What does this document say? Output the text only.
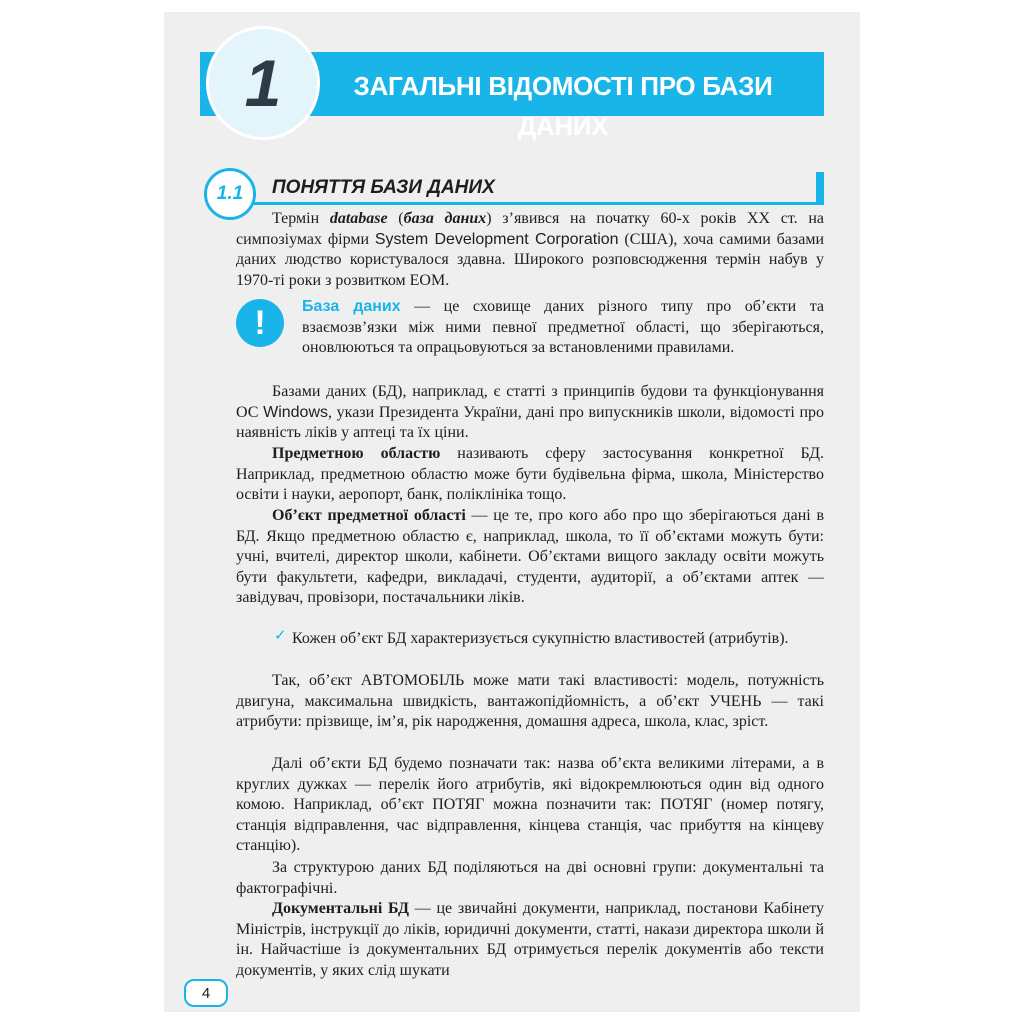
1	ЗАГАЛЬНІ ВІДОМОСТІ ПРО БАЗИ ДАНИХ
1.1	ПОНЯТТЯ БАЗИ ДАНИХ

Термін database (база даних) з’явився на початку 60-х років XX ст. на симпозіумах фірми System Development Corporation (США), хоча самими базами даних людство користувалося здавна. Широкого розповсюдження термін набув у 1970-ті роки з розвитком ЕОМ.

!	База даних — це сховище даних різного типу про об’єкти та взаємозв’язки між ними певної предметної області, що зберігаються, оновлюються та опрацьовуються за встановленими правилами.

Базами даних (БД), наприклад, є статті з принципів будови та функціонування ОС Windows, укази Президента України, дані про випускників школи, відомості про наявність ліків у аптеці та їх ціни.

Предметною областю називають сферу застосування конкретної БД. Наприклад, предметною областю може бути будівельна фірма, школа, Міністерство освіти і науки, аеропорт, банк, поліклініка тощо.

Об’єкт предметної області — це те, про кого або про що зберігаються дані в БД. Якщо предметною областю є, наприклад, школа, то її об’єктами можуть бути: учні, вчителі, директор школи, кабінети. Об’єктами вищого закладу освіти можуть бути факультети, кафедри, викладачі, студенти, аудиторії, а об’єктами аптек — завідувач, провізори, постачальники ліків.

✓ Кожен об’єкт БД характеризується сукупністю властивостей (атрибутів).

Так, об’єкт АВТОМОБІЛЬ може мати такі властивості: модель, потужність двигуна, максимальна швидкість, вантажопідйомність, а об’єкт УЧЕНЬ — такі атрибути: прізвище, ім’я, рік народження, домашня адреса, школа, клас, зріст.

Далі об’єкти БД будемо позначати так: назва об’єкта великими літерами, а в круглих дужках — перелік його атрибутів, які відокремлюються один від одного комою. Наприклад, об’єкт ПОТЯГ можна позначити так: ПОТЯГ (номер потягу, станція відправлення, час відправлення, кінцева станція, час прибуття на кінцеву станцію).

За структурою даних БД поділяються на дві основні групи: документальні та фактографічні.

Документальні БД — це звичайні документи, наприклад, постанови Кабінету Міністрів, інструкції до ліків, юридичні документи, статті, накази директора школи й ін. Найчастіше із документальних БД отримується перелік документів або тексти документів, у яких слід шукати

4
